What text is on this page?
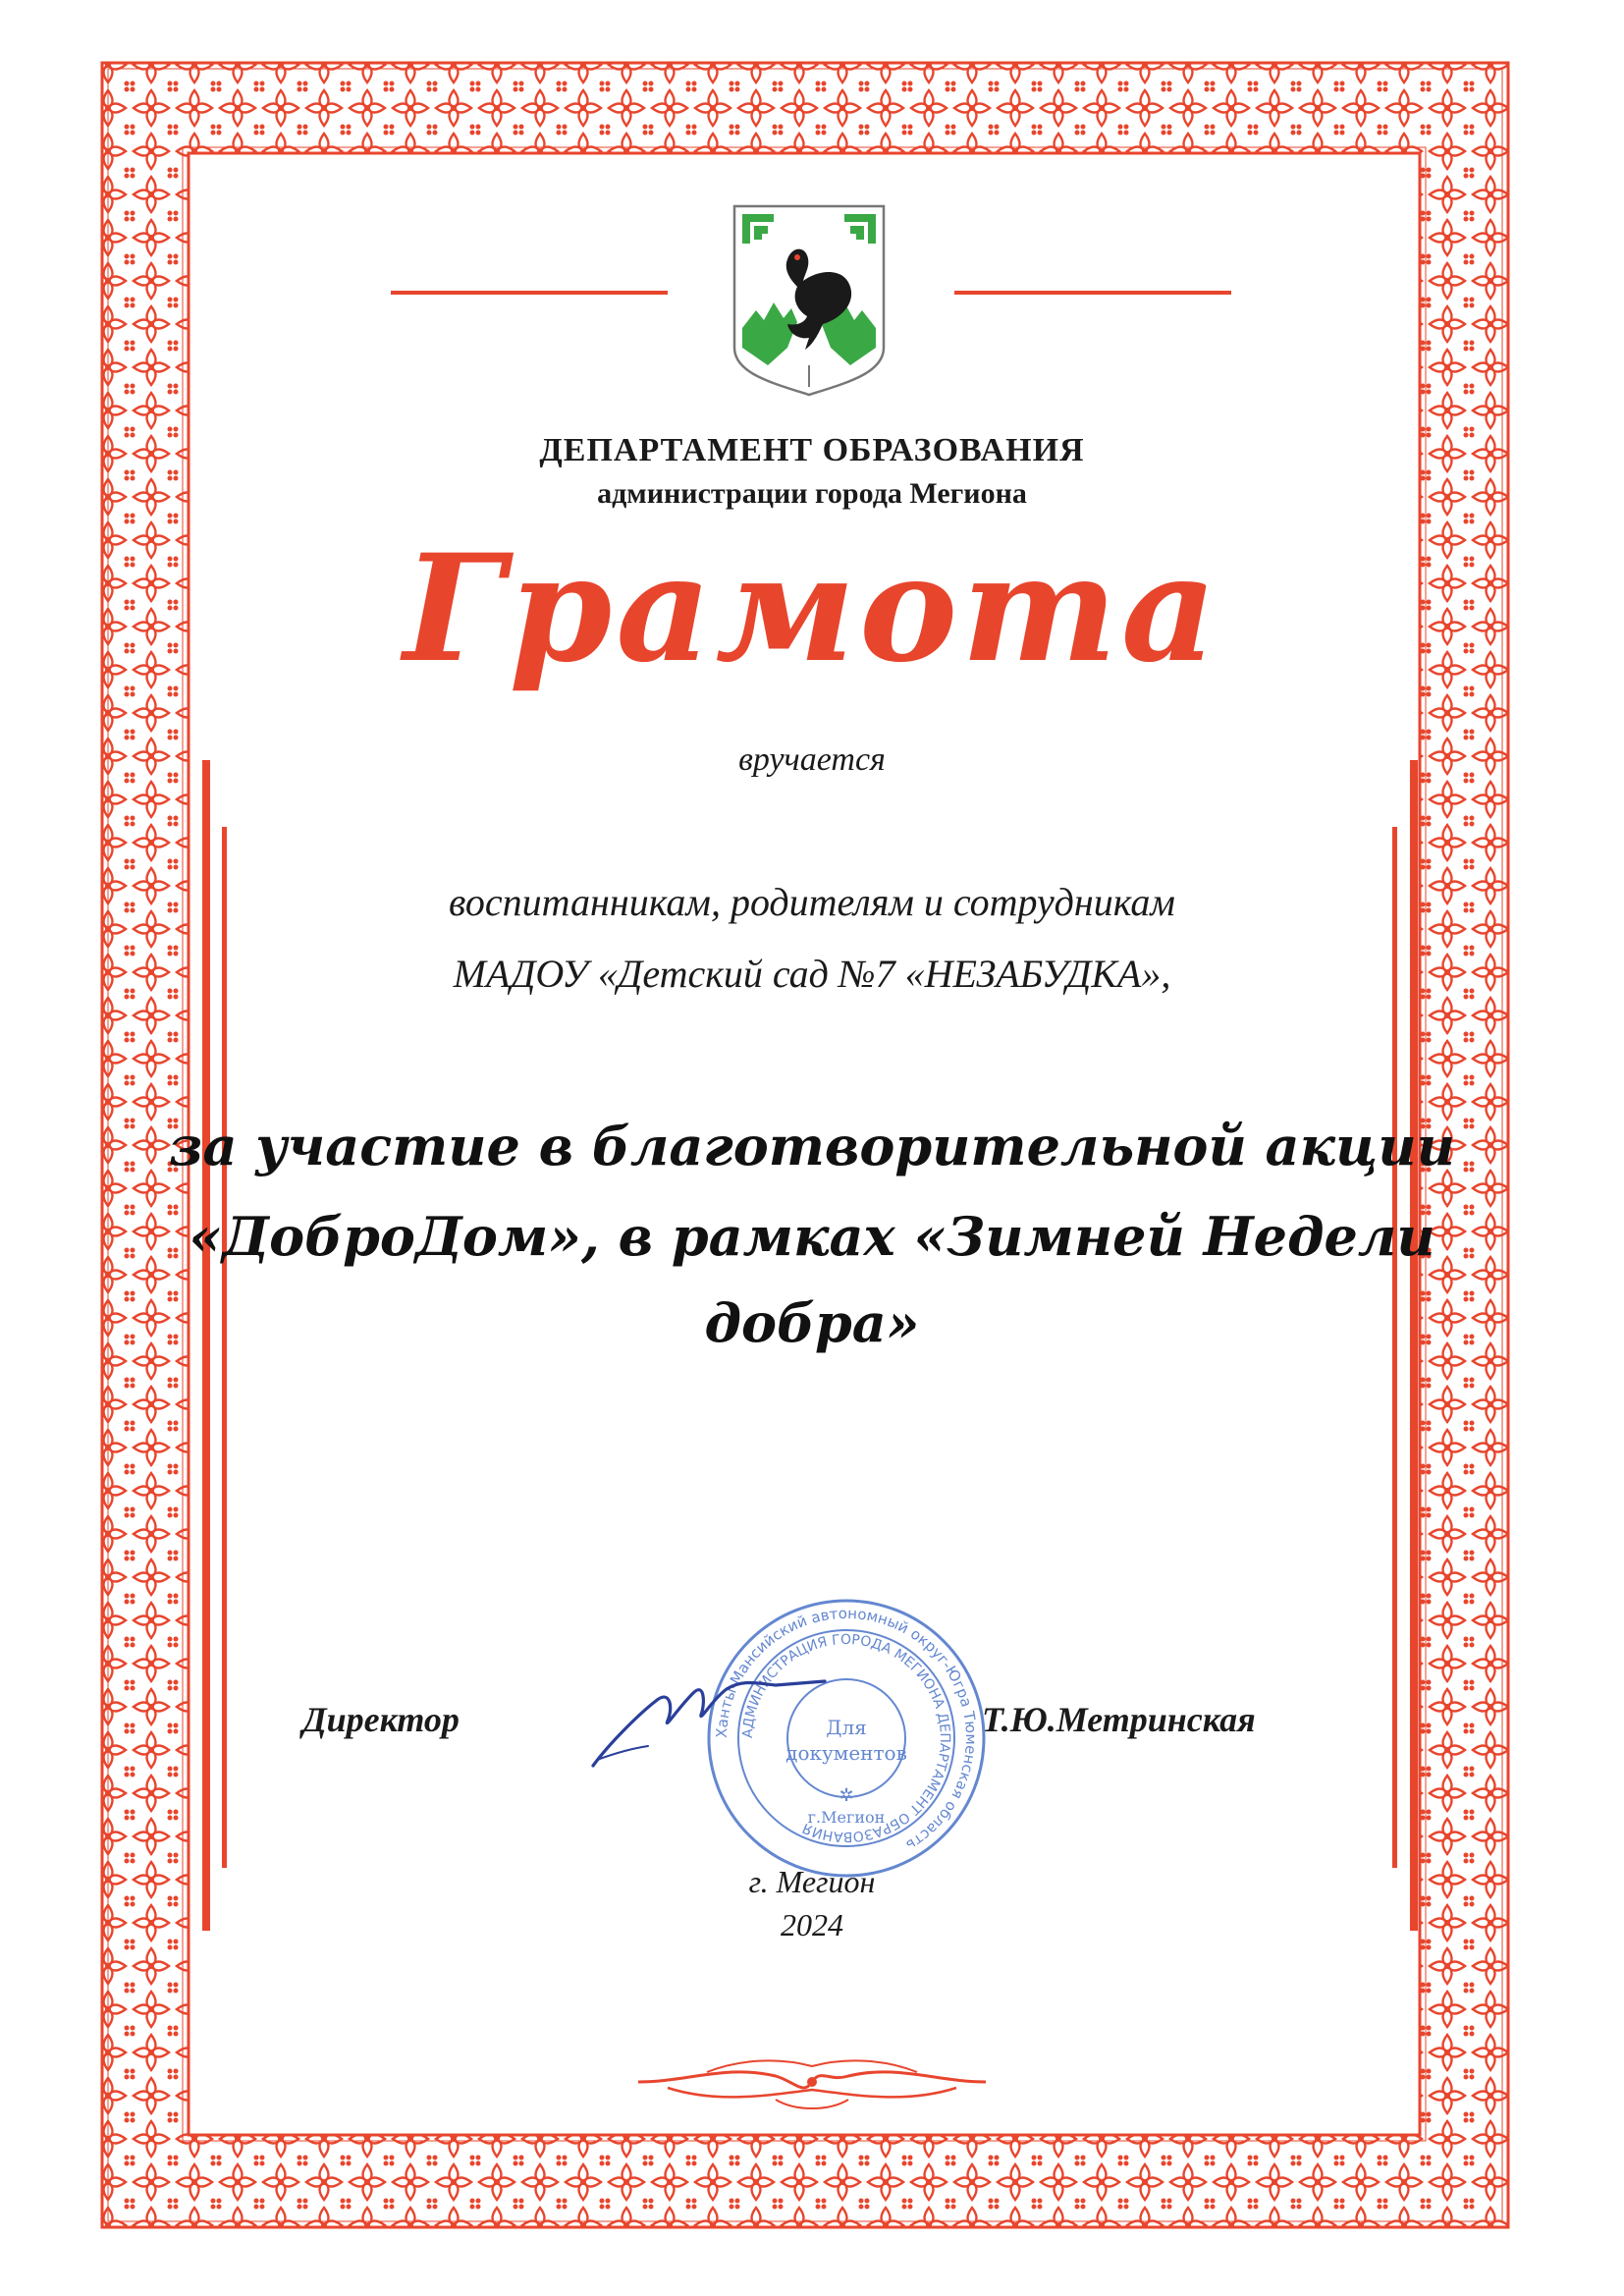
ДЕПАРТАМЕНТ ОБРАЗОВАНИЯ
администрации города Мегиона
Грамота
вручается
воспитанникам, родителям и сотрудникам
МАДОУ «Детский сад №7 «НЕЗАБУДКА»,
за участие в благотворительной акции
«ДоброДом», в рамках «Зимней Недели
добра»
Директор	Т.Ю.Метринская
Ханты-Мансийский автономный округ-Югра Тюменская область
АДМИНИСТРАЦИЯ ГОРОДА МЕГИОНА ДЕПАРТАМЕНТ ОБРАЗОВАНИЯ
Для
документов
г.Мегион
✲
г. Мегион
2024
